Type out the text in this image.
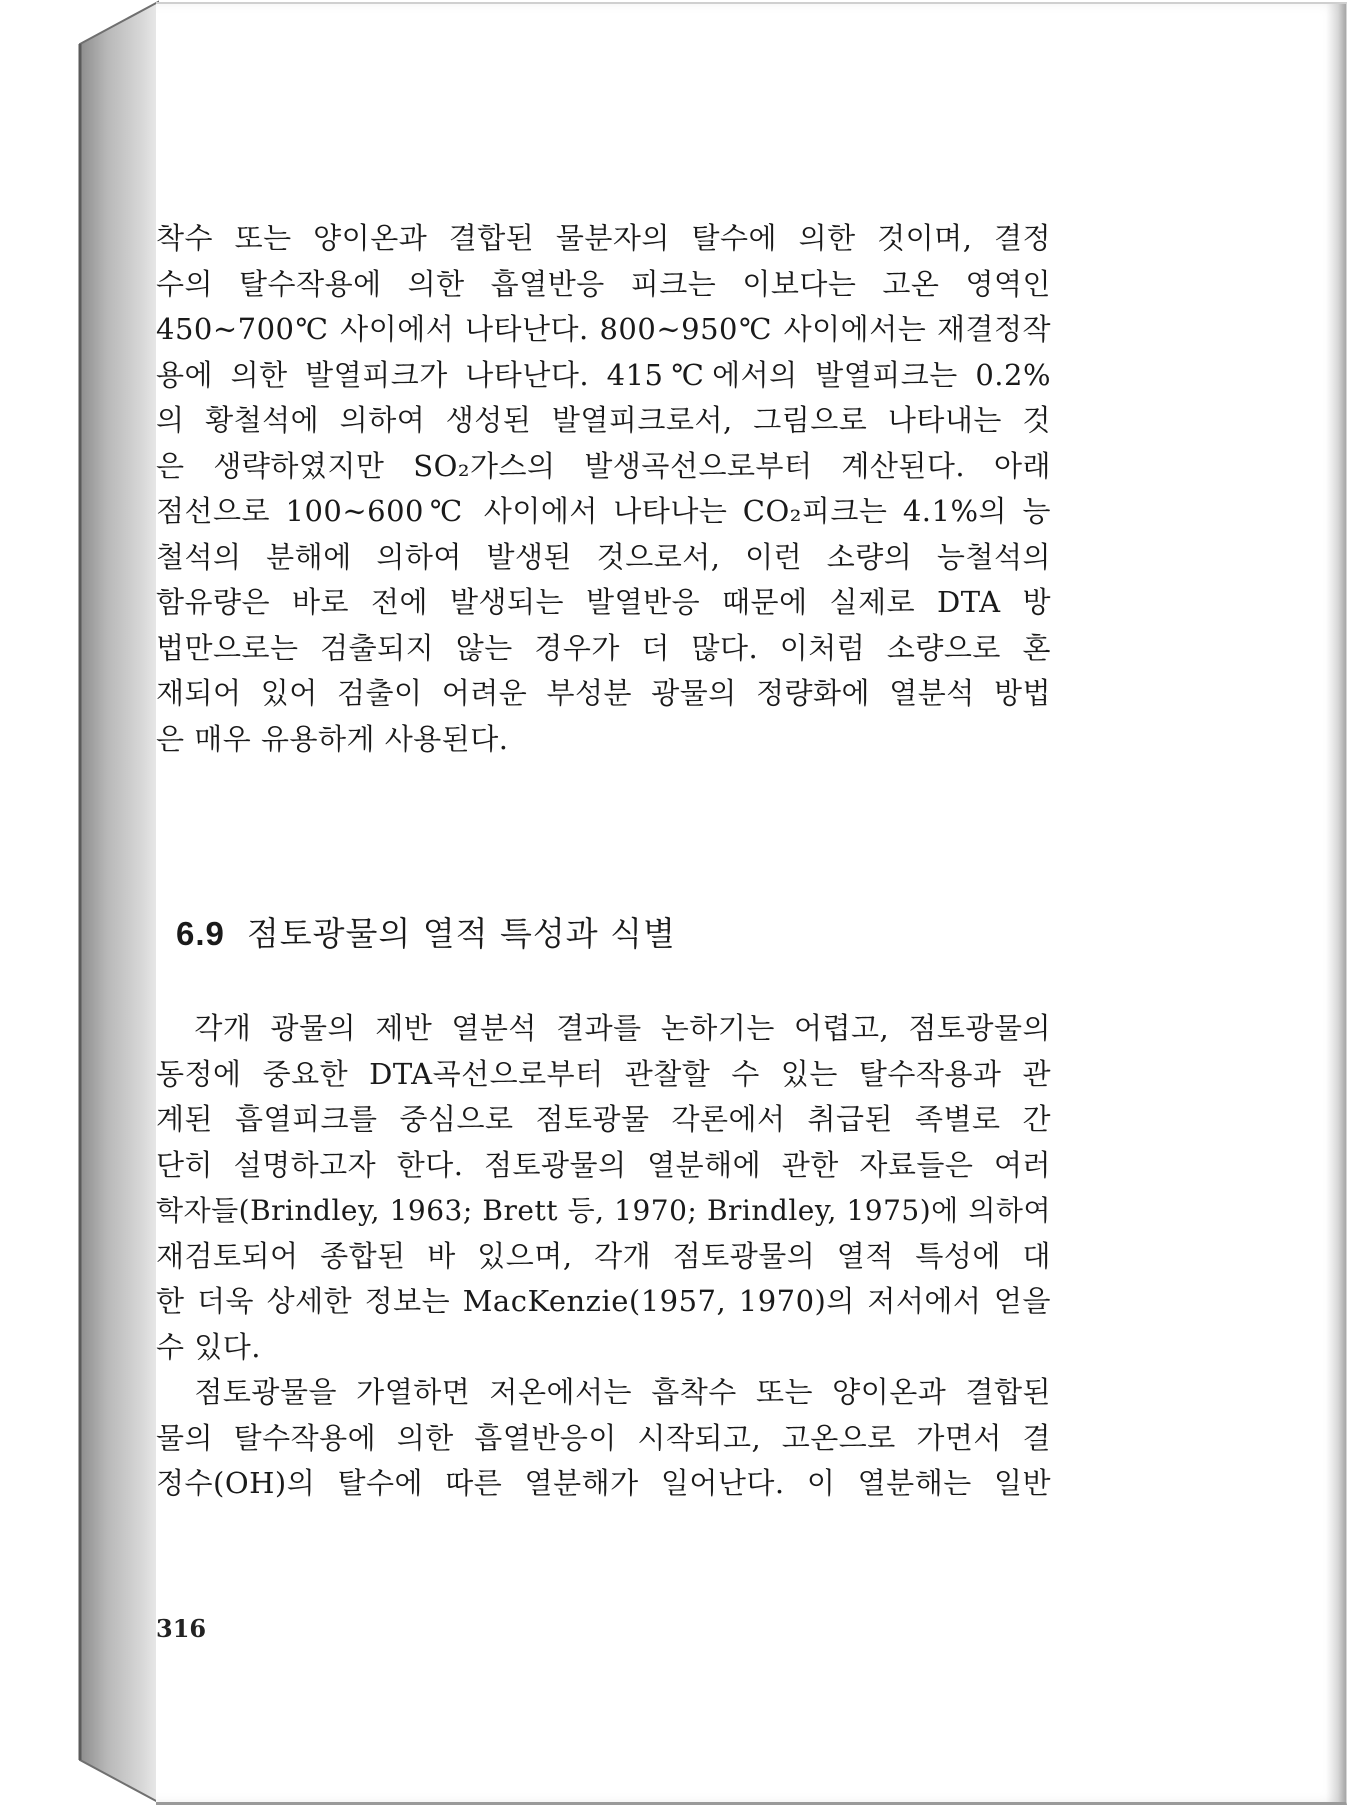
착수 또는 양이온과 결합된 물분자의 탈수에 의한 것이며, 결정
수의 탈수작용에 의한 흡열반응 피크는 이보다는 고온 영역인
450∼700℃ 사이에서 나타난다. 800∼950℃ 사이에서는 재결정작
용에 의한 발열피크가 나타난다. 415℃에서의 발열피크는 0.2%
의 황철석에 의하여 생성된 발열피크로서, 그림으로 나타내는 것
은 생략하였지만 SO₂가스의 발생곡선으로부터 계산된다. 아래
점선으로 100∼600℃ 사이에서 나타나는 CO₂피크는 4.1%의 능
철석의 분해에 의하여 발생된 것으로서, 이런 소량의 능철석의
함유량은 바로 전에 발생되는 발열반응 때문에 실제로 DTA 방
법만으로는 검출되지 않는 경우가 더 많다. 이처럼 소량으로 혼
재되어 있어 검출이 어려운 부성분 광물의 정량화에 열분석 방법
은 매우 유용하게 사용된다.
6.9 점토광물의 열적 특성과 식별
각개 광물의 제반 열분석 결과를 논하기는 어렵고, 점토광물의
동정에 중요한 DTA곡선으로부터 관찰할 수 있는 탈수작용과 관
계된 흡열피크를 중심으로 점토광물 각론에서 취급된 족별로 간
단히 설명하고자 한다. 점토광물의 열분해에 관한 자료들은 여러
학자들(Brindley, 1963; Brett 등, 1970; Brindley, 1975)에 의하여
재검토되어 종합된 바 있으며, 각개 점토광물의 열적 특성에 대
한 더욱 상세한 정보는 MacKenzie(1957, 1970)의 저서에서 얻을
수 있다.
점토광물을 가열하면 저온에서는 흡착수 또는 양이온과 결합된
물의 탈수작용에 의한 흡열반응이 시작되고, 고온으로 가면서 결
정수(OH)의 탈수에 따른 열분해가 일어난다. 이 열분해는 일반
316
